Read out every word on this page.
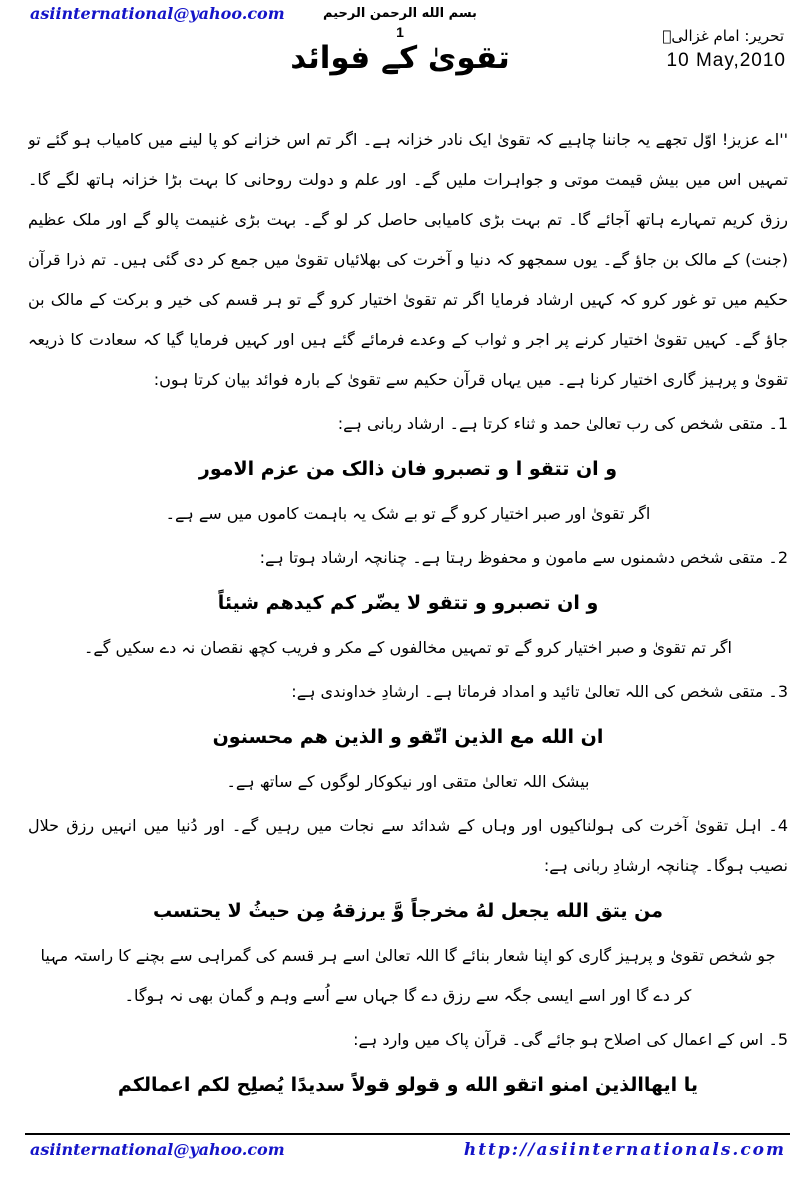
asiinternational@yahoo.com	بسم الله الرحمن الرحيم
1	تحریر: امام غزالیؒ
10 May,2010
تقویٰ کے فوائد

''اے عزیز! اوّل تجھے یہ جاننا چاہیے کہ تقویٰ ایک نادر خزانہ ہے۔ اگر تم اس خزانے کو پا لینے میں کامیاب ہو گئے تو تمہیں اس میں بیش قیمت موتی و جواہرات ملیں گے۔ اور علم و دولت روحانی کا بہت بڑا خزانہ ہاتھ لگے گا۔ رزق کریم تمہارے ہاتھ آجائے گا۔ تم بہت بڑی کامیابی حاصل کر لو گے۔ بہت بڑی غنیمت پالو گے اور ملک عظیم (جنت) کے مالک بن جاؤ گے۔ یوں سمجھو کہ دنیا و آخرت کی بھلائیاں تقویٰ میں جمع کر دی گئی ہیں۔ تم ذرا قرآن حکیم میں تو غور کرو کہ کہیں ارشاد فرمایا اگر تم تقویٰ اختیار کرو گے تو ہر قسم کی خیر و برکت کے مالک بن جاؤ گے۔ کہیں تقویٰ اختیار کرنے پر اجر و ثواب کے وعدے فرمائے گئے ہیں اور کہیں فرمایا گیا کہ سعادت کا ذریعہ تقویٰ و پرہیز گاری اختیار کرنا ہے۔ میں یہاں قرآن حکیم سے تقویٰ کے بارہ فوائد بیان کرتا ہوں:

1۔ متقی شخص کی رب تعالیٰ حمد و ثناء کرتا ہے۔ ارشاد ربانی ہے:

و ان تتقو ا و تصبرو فان ذالک من عزم الامور

اگر تقویٰ اور صبر اختیار کرو گے تو بے شک یہ باہمت کاموں میں سے ہے۔

2۔ متقی شخص دشمنوں سے مامون و محفوظ رہتا ہے۔ چنانچہ ارشاد ہوتا ہے:

و ان تصبرو و تتقو لا یضّر کم کیدھم شیئاً

اگر تم تقویٰ و صبر اختیار کرو گے تو تمہیں مخالفوں کے مکر و فریب کچھ نقصان نہ دے سکیں گے۔

3۔ متقی شخص کی اللہ تعالیٰ تائید و امداد فرماتا ہے۔ ارشادِ خداوندی ہے:

ان الله مع الذین اتّقو و الذین ھم محسنون

بیشک اللہ تعالیٰ متقی اور نیکوکار لوگوں کے ساتھ ہے۔

4۔ اہل تقویٰ آخرت کی ہولناکیوں اور وہاں کے شدائد سے نجات میں رہیں گے۔ اور دُنیا میں انہیں رزق حلال نصیب ہوگا۔ چنانچہ ارشادِ ربانی ہے:

من یتق الله یجعل لهُ مخرجاً وَّ یرزقهُ مِن حیثُ لا یحتسب

جو شخص تقویٰ و پرہیز گاری کو اپنا شعار بنائے گا اللہ تعالیٰ اسے ہر قسم کی گمراہی سے بچنے کا راستہ مہیا کر دے گا اور اسے ایسی جگہ سے رزق دے گا جہاں سے اُسے وہم و گمان بھی نہ ہوگا۔

5۔ اس کے اعمال کی اصلاح ہو جائے گی۔ قرآن پاک میں وارد ہے:

یا ایھاالذین امنو اتقو الله و قولو قولاً سدیدًا یُصلِح لکم اعمالکم

asiinternational@yahoo.com	http://asiinternationals.com
